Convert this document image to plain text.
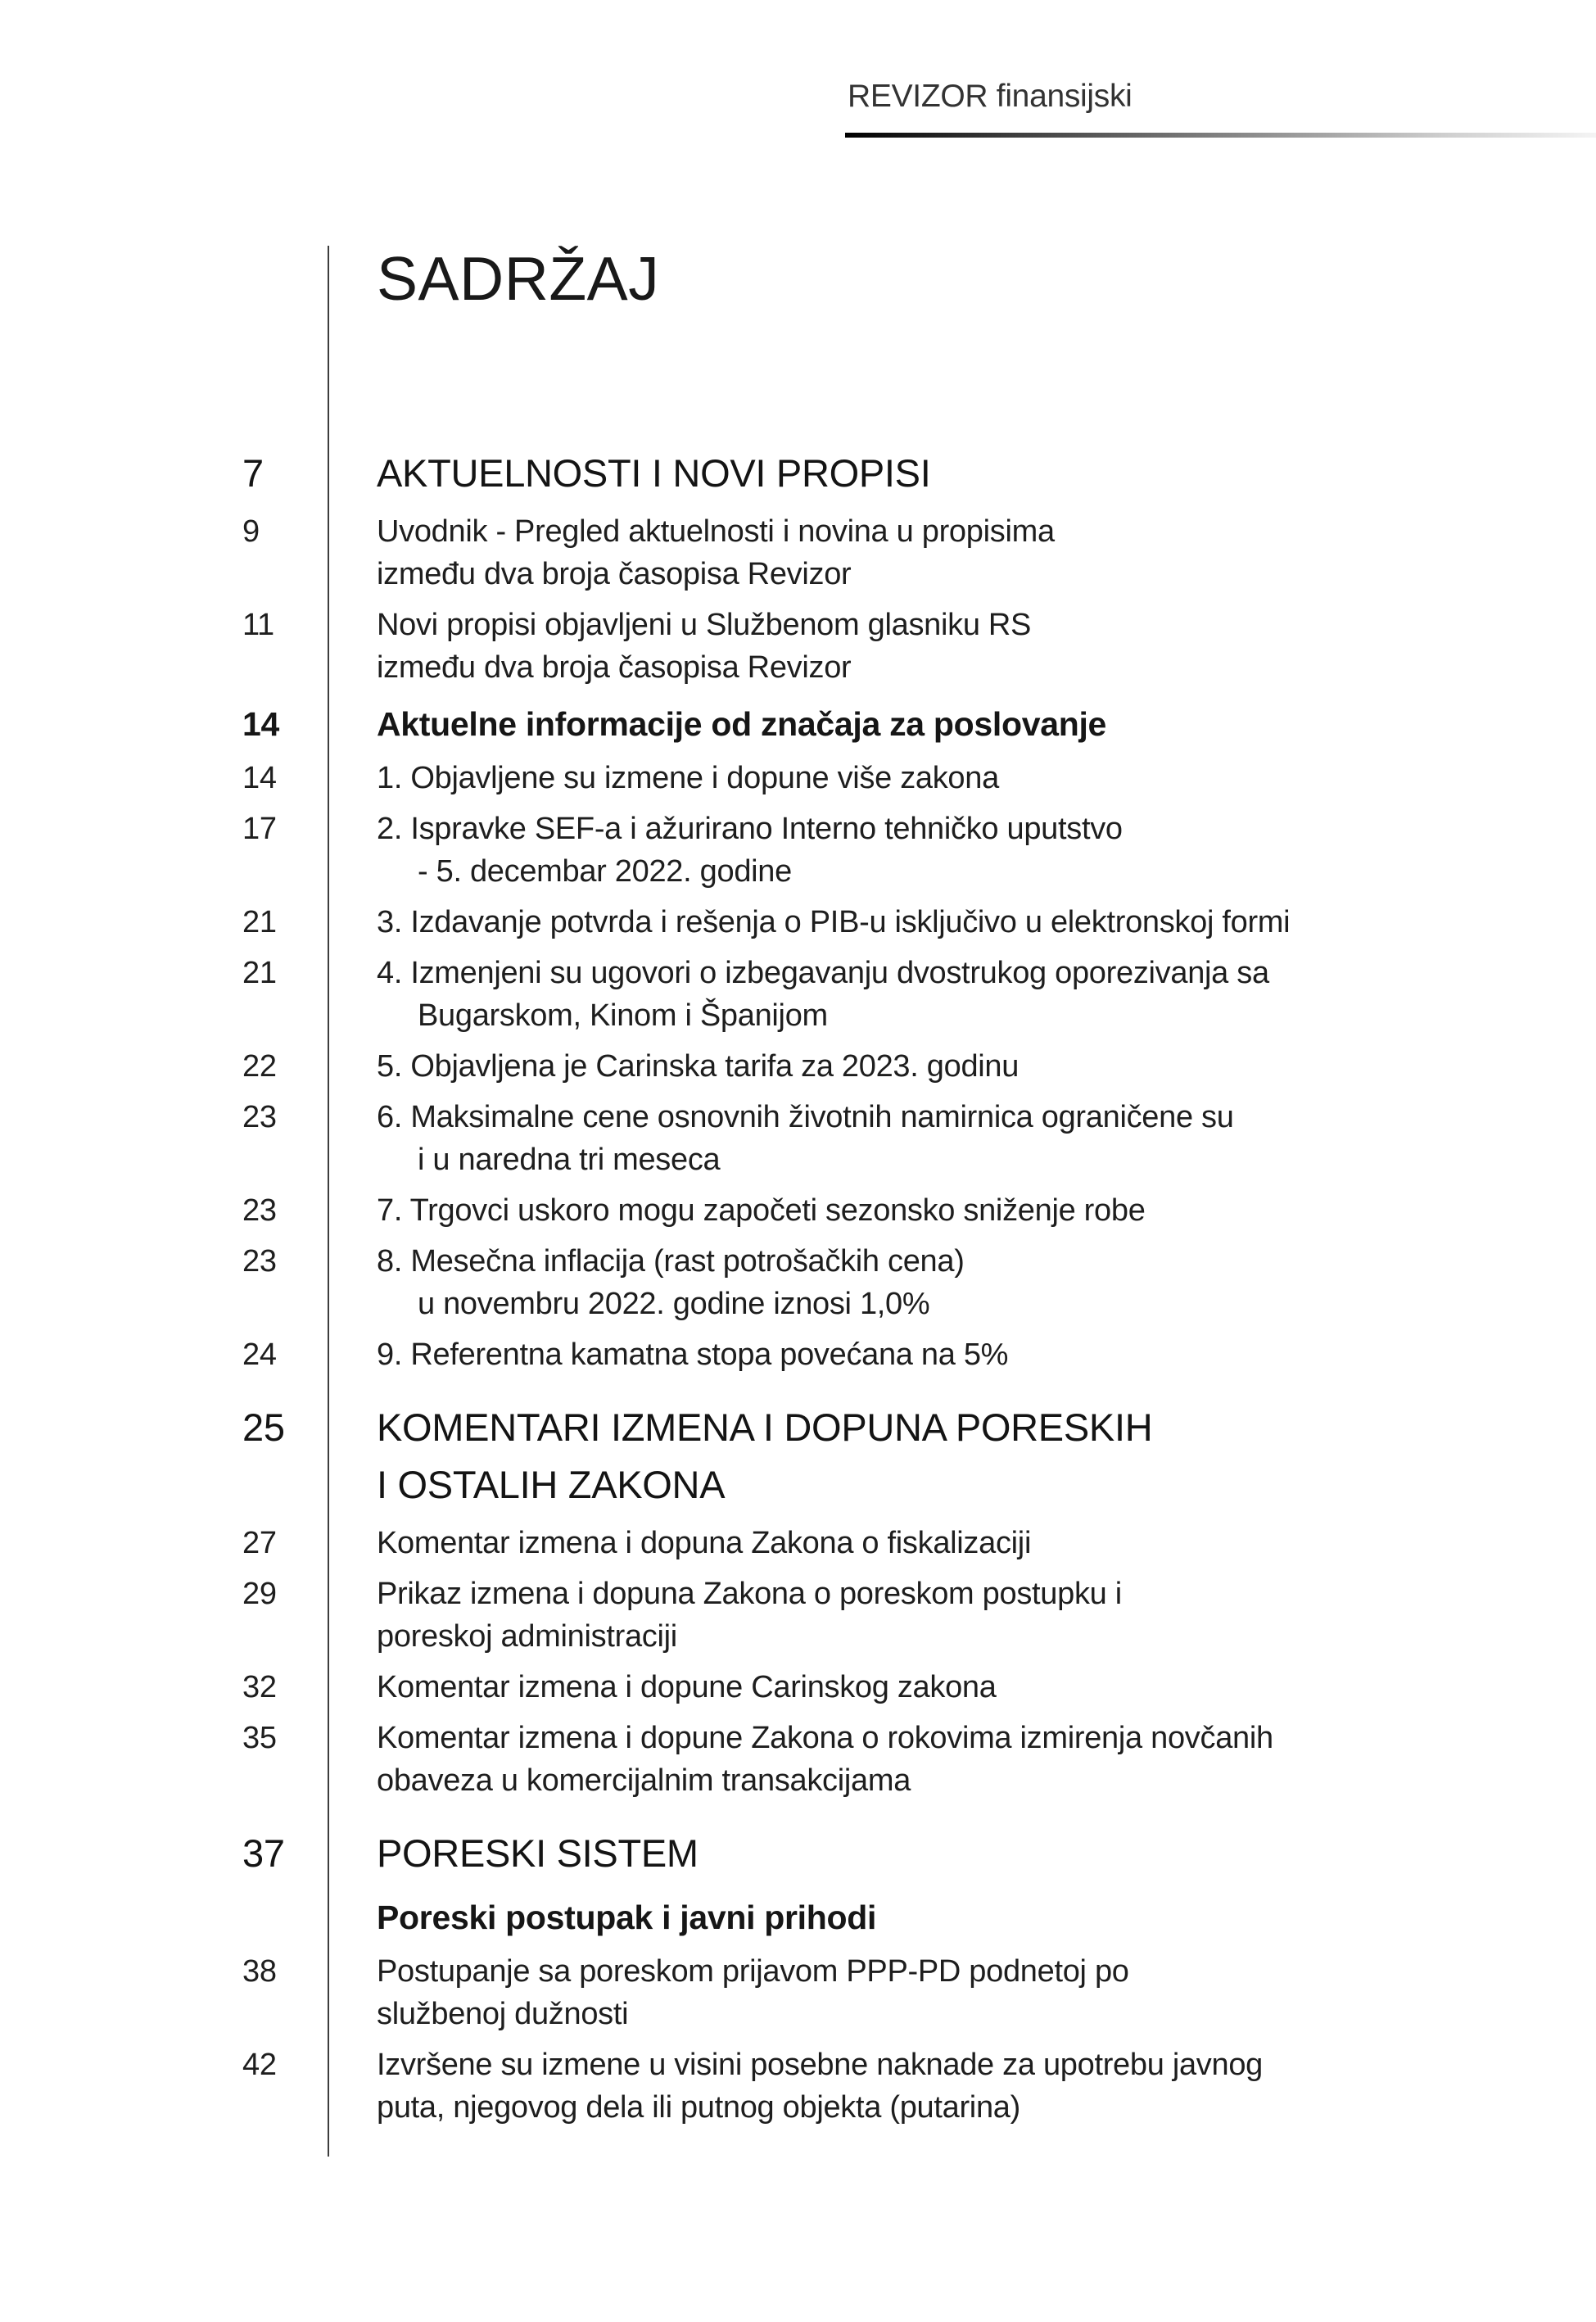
REVIZOR finansijski
SADRŽAJ
7	AKTUELNOSTI I NOVI PROPISI
9	Uvodnik - Pregled aktuelnosti i novina u propisima
između dva broja časopisa Revizor
11	Novi propisi objavljeni u Službenom glasniku RS
između dva broja časopisa Revizor
14	Aktuelne informacije od značaja za poslovanje
14	1. Objavljene su izmene i dopune više zakona
17	2. Ispravke SEF-a i ažurirano Interno tehničko uputstvo
- 5. decembar 2022. godine
21	3. Izdavanje potvrda i rešenja o PIB-u isključivo u elektronskoj formi
21	4. Izmenjeni su ugovori o izbegavanju dvostrukog oporezivanja sa
Bugarskom, Kinom i Španijom
22	5. Objavljena je Carinska tarifa za 2023. godinu
23	6. Maksimalne cene osnovnih životnih namirnica ograničene su
i u naredna tri meseca
23	7. Trgovci uskoro mogu započeti sezonsko sniženje robe
23	8. Mesečna inflacija (rast potrošačkih cena)
u novembru 2022. godine iznosi 1,0%
24	9. Referentna kamatna stopa povećana na 5%
25	KOMENTARI IZMENA I DOPUNA PORESKIH
I OSTALIH ZAKONA
27	Komentar izmena i dopuna Zakona o fiskalizaciji
29	Prikaz izmena i dopuna Zakona o poreskom postupku i
poreskoj administraciji
32	Komentar izmena i dopune Carinskog zakona
35	Komentar izmena i dopune Zakona o rokovima izmirenja novčanih
obaveza u komercijalnim transakcijama
37	PORESKI SISTEM
Poreski postupak i javni prihodi
38	Postupanje sa poreskom prijavom PPP-PD podnetoj po
službenoj dužnosti
42	Izvršene su izmene u visini posebne naknade za upotrebu javnog
puta, njegovog dela ili putnog objekta (putarina)
